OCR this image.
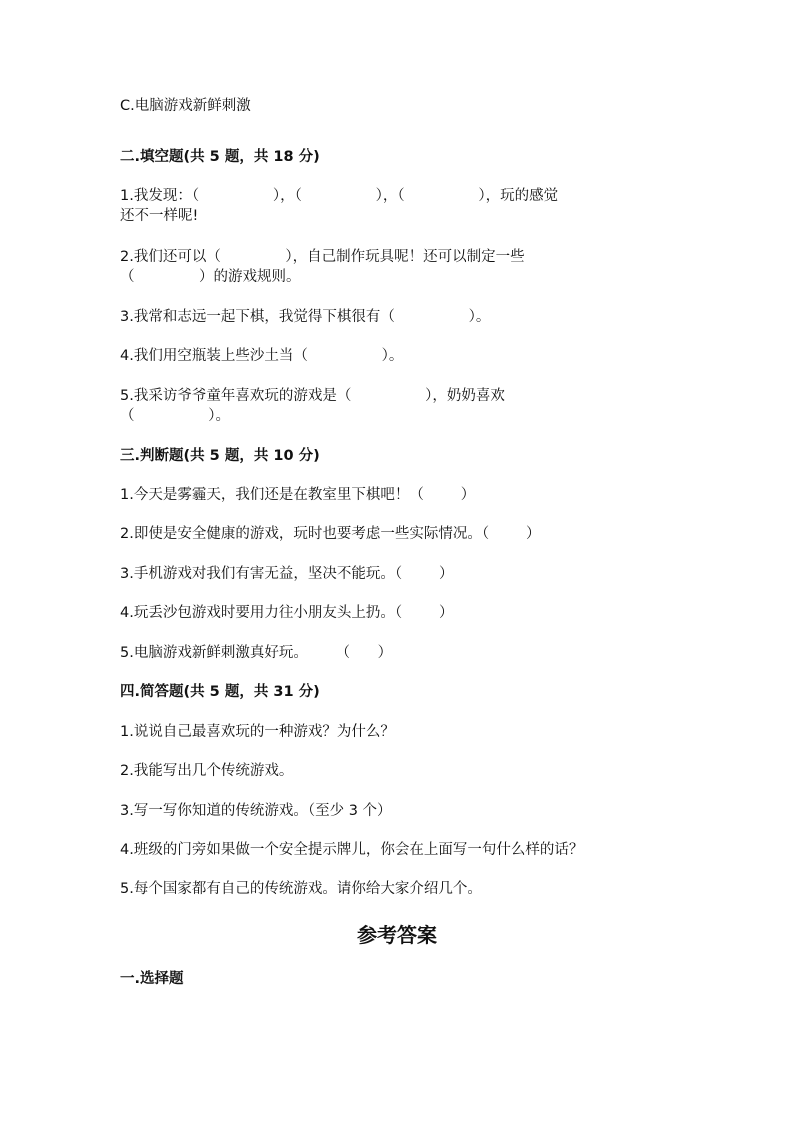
C.电脑游戏新鲜刺激
二.填空题(共 5 题，共 18 分)
1.我发现：（                ），（                ），（                ），玩的感觉
还不一样呢!
2.我们还可以（              ），自己制作玩具呢！还可以制定一些
（              ）的游戏规则。
3.我常和志远一起下棋，我觉得下棋很有（                ）。
4.我们用空瓶装上些沙土当（                ）。
5.我采访爷爷童年喜欢玩的游戏是（                ），奶奶喜欢
（                ）。
三.判断题(共 5 题，共 10 分)
1.今天是雾霾天，我们还是在教室里下棋吧！（        ）
2.即使是安全健康的游戏，玩时也要考虑一些实际情况。（        ）
3.手机游戏对我们有害无益，坚决不能玩。（        ）
4.玩丢沙包游戏时要用力往小朋友头上扔。（        ）
5.电脑游戏新鲜刺激真好玩。      （      ）
四.简答题(共 5 题，共 31 分)
1.说说自己最喜欢玩的一种游戏？为什么？
2.我能写出几个传统游戏。
3.写一写你知道的传统游戏。（至少 3 个）
4.班级的门旁如果做一个安全提示牌儿，你会在上面写一句什么样的话？
5.每个国家都有自己的传统游戏。请你给大家介绍几个。
参考答案
一.选择题
